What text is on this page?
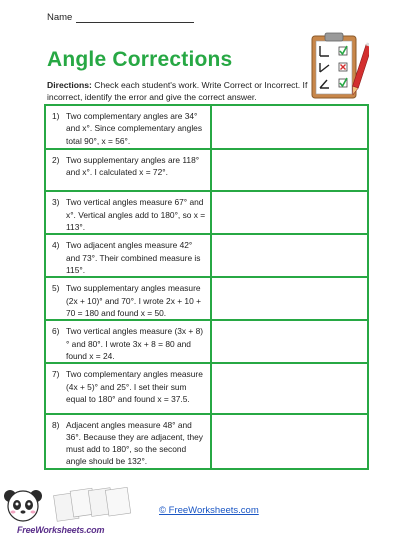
Name
Angle Corrections
Directions: Check each student's work. Write Correct or Incorrect. If incorrect, identify the error and give the correct answer.
1) Two complementary angles are 34° and x°. Since complementary angles total 90°, x = 56°.	

2) Two supplementary angles are 118° and x°. I calculated x = 72°.	

3) Two vertical angles measure 67° and x°. Vertical angles add to 180°, so x = 113°.	

4) Two adjacent angles measure 42° and 73°. Their combined measure is 115°.	

5) Two supplementary angles measure (2x + 10)° and 70°. I wrote 2x + 10 + 70 = 180 and found x = 50.	

6) Two vertical angles measure (3x + 8)° and 80°. I wrote 3x + 8 = 80 and found x = 24.	

7) Two complementary angles measure (4x + 5)° and 25°. I set their sum equal to 180° and found x = 37.5.	

8) Adjacent angles measure 48° and 36°. Because they are adjacent, they must add to 180°, so the second angle should be 132°.	

© FreeWorksheets.com
FreeWorksheets.com
